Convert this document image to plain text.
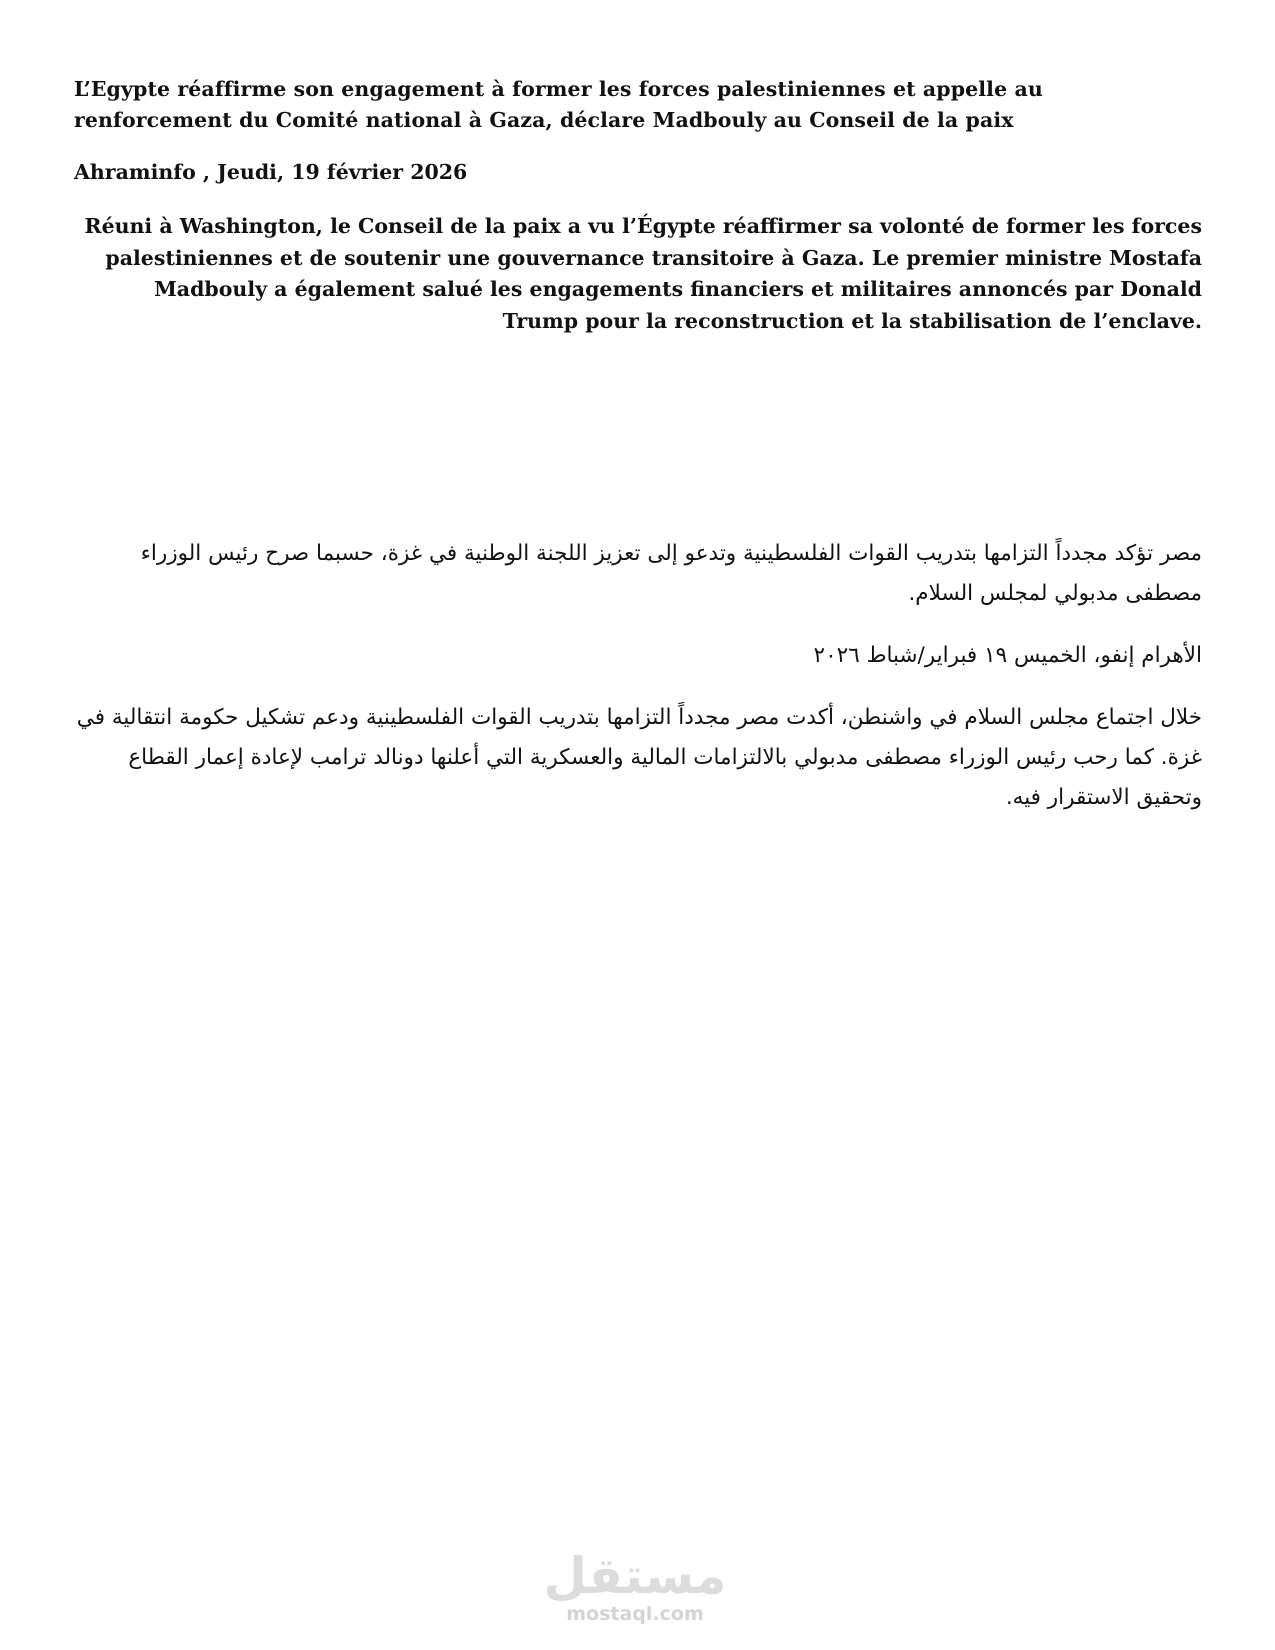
L’Egypte réaffirme son engagement à former les forces palestiniennes et appelle au renforcement du Comité national à Gaza, déclare Madbouly au Conseil de la paix

Ahraminfo , Jeudi, 19 février 2026

Réuni à Washington, le Conseil de la paix a vu l’Égypte réaffirmer sa volonté de former les forces palestiniennes et de soutenir une gouvernance transitoire à Gaza. Le premier ministre Mostafa Madbouly a également salué les engagements financiers et militaires annoncés par Donald Trump pour la reconstruction et la stabilisation de l’enclave.

مصر تؤكد مجدداً التزامها بتدريب القوات الفلسطينية وتدعو إلى تعزيز اللجنة الوطنية في غزة، حسبما صرح رئيس الوزراء مصطفى مدبولي لمجلس السلام.

الأهرام إنفو، الخميس ١٩ فبراير/شباط ٢٠٢٦

خلال اجتماع مجلس السلام في واشنطن، أكدت مصر مجدداً التزامها بتدريب القوات الفلسطينية ودعم تشكيل حكومة انتقالية في غزة. كما رحب رئيس الوزراء مصطفى مدبولي بالالتزامات المالية والعسكرية التي أعلنها دونالد ترامب لإعادة إعمار القطاع وتحقيق الاستقرار فيه.

مستقل
mostaql.com
